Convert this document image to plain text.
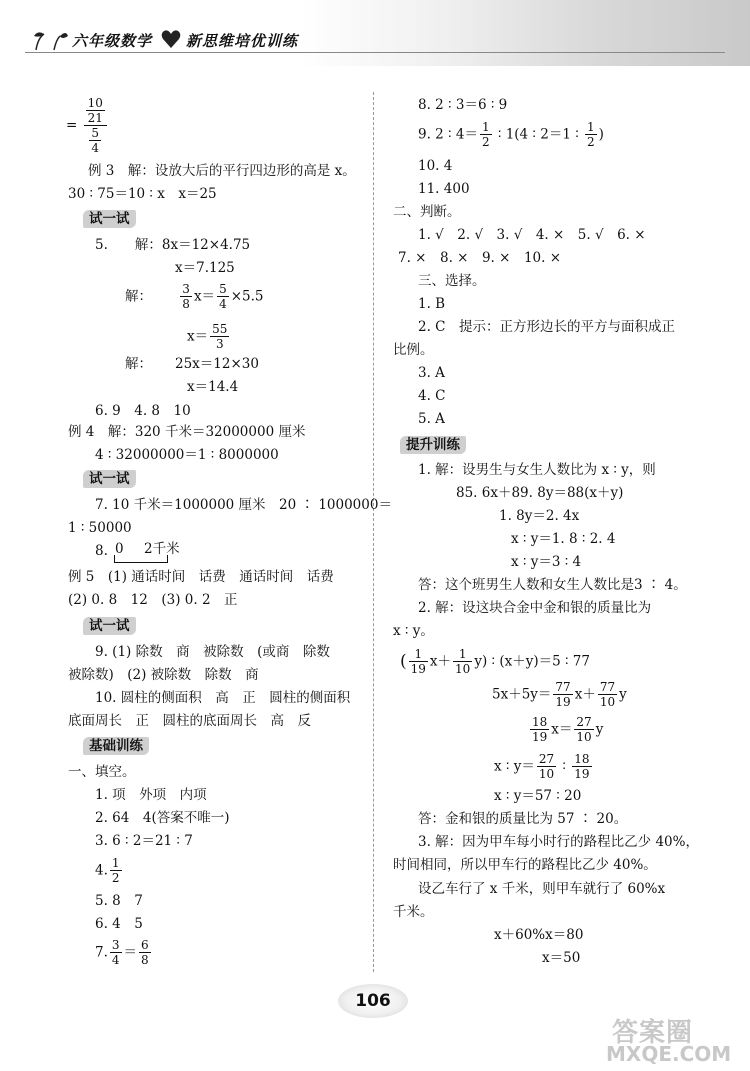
六年级数学 新思维培优训练
= $\frac{\frac{10}{21}}{\frac{5}{4}}$
例 3　解：设放大后的平行四边形的高是 x。
30 ∶ 75＝10 ∶ x　x＝25
试一试
5.　　解：8x＝12×4.75
x＝7.125
解： $\frac{3}{8} x= \frac{5}{4} \times 5.5$
$x= \frac{55}{3}$
解： 25x＝12×30
x＝14.4
6. 9　4. 8　10
例 4　解：320 千米＝32000000 厘米
4 ∶ 32000000＝1 ∶ 8000000
试一试
7. 10 千米＝1000000 厘米　20 ∶ 1000000＝
1 ∶ 50000
8. 0 2千米
例 5　(1) 通话时间　话费　通话时间　话费
(2) 0. 8　12　(3) 0. 2　正
试一试
9. (1) 除数　商　被除数　(或商　除数
被除数)　(2) 被除数　除数　商
10. 圆柱的侧面积　高　正　圆柱的侧面积
底面周长　正　圆柱的底面周长　高　反
基础训练
一、填空。
1. 项　外项　内项
2. 64　4(答案不唯一)
3. 6 ∶ 2＝21 ∶ 7
4. $\frac{1}{2}$
5. 8　7
6. 4　5
7. $\frac{3}{4} = \frac{6}{8}$
8. 2 ∶ 3＝6 ∶ 9
9. 2 ∶ $4= \frac{1}{2}$ ∶ 1(4 ∶ 2＝1 ∶ $\frac{1}{2}$ )
10. 4
11. 400
二、判断。
1. √　2. √　3. √　4. ×　5. √　6. ×
7. ×　8. ×　9. ×　10. ×
三、选择。
1. B
2. C　提示：正方形边长的平方与面积成正
比例。
3. A
4. C
5. A
提升训练
1. 解：设男生与女生人数比为 x ∶ y，则
85. 6x＋89. 8y＝88(x＋y)
1. 8y＝2. 4x
x ∶ y＝1. 8 ∶ 2. 4
x ∶ y＝3 ∶ 4
答：这个班男生人数和女生人数比是3 ∶ 4。
2. 解：设这块合金中金和银的质量比为
x ∶ y。
( $\frac{1}{19} x+ \frac{1}{10} y$) ∶ (x＋y)＝5 ∶ 77
$5x+5y= \frac{77}{19} x+ \frac{77}{10}$ y
$\frac{18}{19} x= \frac{27}{10}$ y
x ∶ $y= \frac{27}{10}$ ∶ $\frac{18}{19}$
x ∶ y＝57 ∶ 20
答：金和银的质量比为 57 ∶ 20。
3. 解：因为甲车每小时行的路程比乙少 40%，
时间相同，所以甲车行的路程比乙少 40%。
设乙车行了 x 千米，则甲车就行了 60%x
千米。
x＋60%x＝80
x＝50
106
答案圈
MXQE.COM
